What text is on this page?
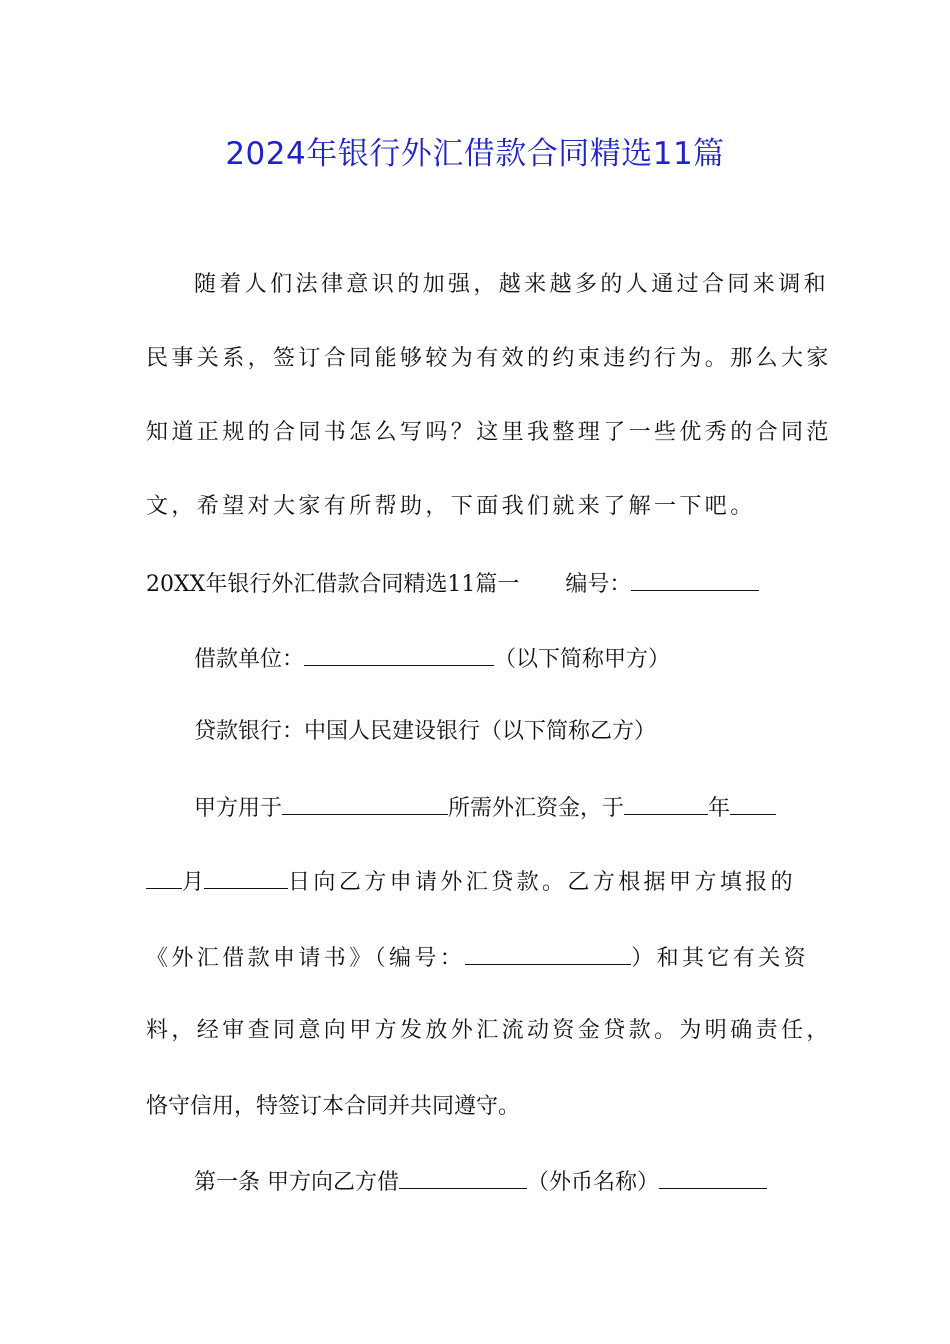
2024年银行外汇借款合同精选11篇
随着人们法律意识的加强，越来越多的人通过合同来调和
民事关系，签订合同能够较为有效的约束违约行为。那么大家
知道正规的合同书怎么写吗？这里我整理了一些优秀的合同范
文，希望对大家有所帮助，下面我们就来了解一下吧。
20XX年银行外汇借款合同精选11篇一 编号：
借款单位：	（以下简称甲方）
贷款银行：中国人民建设银行（以下简称乙方）
甲方用于	所需外汇资金，于	年
月	日向乙方申请外汇贷款。乙方根据甲方填报的
《外汇借款申请书》（编号：	）和其它有关资
料，经审查同意向甲方发放外汇流动资金贷款。为明确责任，
恪守信用，特签订本合同并共同遵守。
第一条 甲方向乙方借	（外币名称）
